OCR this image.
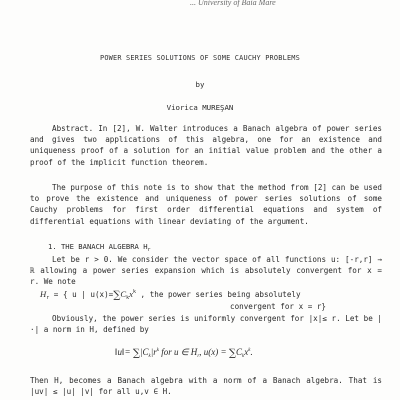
... University of Baia Mare
POWER SERIES SOLUTIONS OF SOME CAUCHY PROBLEMS
by
Viorica MUREŞAN
Abstract. In [2], W. Walter introduces a Banach algebra of power series and gives two applications of this algebra, one for an existence and uniqueness proof of a solution for an initial value problem and the other a proof of the implicit function theorem.
The purpose of this note is to show that the method from [2] can be used to prove the existence and uniqueness of power series solutions of some Cauchy problems for first order differential equations and system of differential equations with linear deviating of the argument.
1. THE BANACH ALGEBRA $H_r$
Let be r > 0. We consider the vector space of all functions u: [-r,r] → ℝ allowing a power series expansion which is absolutely convergent for x = r. We note
$H_r$ = { u | $u(x)=\sum C_kx^k$ , the power series being absolutely
convergent for x = r}
Obviously, the power series is uniformly convergent for |x|≤ r. Let be |·| a norm in H, defined by
‖u‖= $\sum|C_k|r^k$ for u ∈ $H_r$, $u(x) = \sum C_kx^k$.
Then H, becomes a Banach algebra with a norm of a Banach algebra. That is |uv| ≤ |u| |v| for all u,v ∈ H.
